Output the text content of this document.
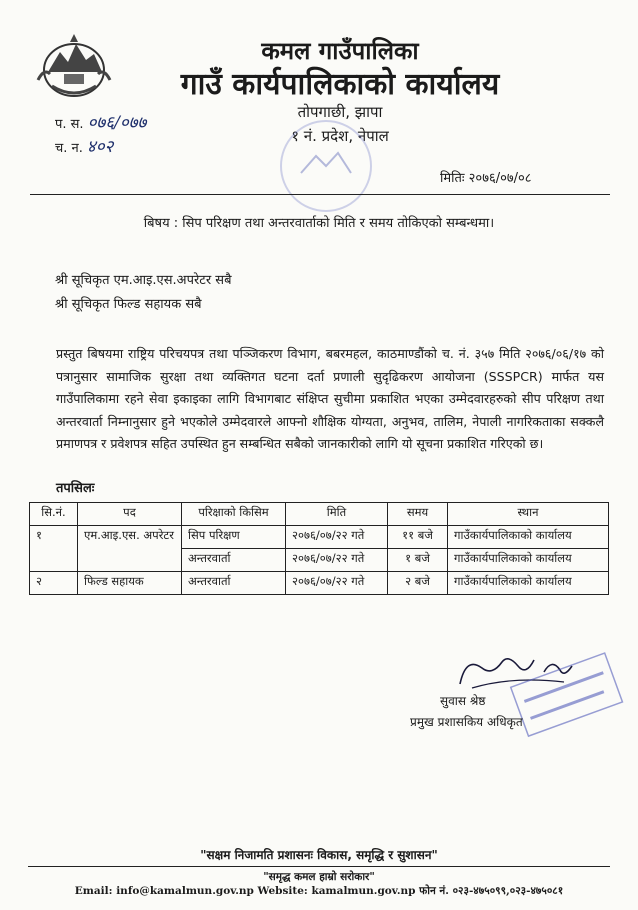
कमल गाउँपालिका
गाउँ कार्यपालिकाको कार्यालय
तोपगाछी, झापा
१ नं. प्रदेश, नेपाल
प. स. ०७६/०७७
च. न. ४०२
मितिः २०७६/०७/०८
बिषय : सिप परिक्षण तथा अन्तरवार्ताको मिति र समय तोकिएको सम्बन्धमा।
श्री सूचिकृत एम.आइ.एस.अपरेटर सबै
श्री सूचिकृत फिल्ड सहायक सबै
प्रस्तुत बिषयमा राष्ट्रिय परिचयपत्र तथा पञ्जिकरण विभाग, बबरमहल, काठमाण्डौंको च. नं. ३५७ मिति २०७६/०६/१७ को पत्रानुसार सामाजिक सुरक्षा तथा व्यक्तिगत घटना दर्ता प्रणाली सुदृढिकरण आयोजना (SSSPCR) मार्फत यस गाउँपालिकामा रहने सेवा इकाइका लागि विभागबाट संक्षिप्त सुचीमा प्रकाशित भएका उम्मेदवारहरुको सीप परिक्षण तथा अन्तरवार्ता निम्नानुसार हुने भएकोले उम्मेदवारले आफ्नो शौक्षिक योग्यता, अनुभव, तालिम, नेपाली नागरिकताका सक्कलै प्रमाणपत्र र प्रवेशपत्र सहित उपस्थित हुन सम्बन्धित सबैको जानकारीको लागि यो सूचना प्रकाशित गरिएको छ।
तपसिलः
सि.नं.	पद	परिक्षाको किसिम	मिति	समय	स्थान
१	एम.आइ.एस. अपरेटर	सिप परिक्षण	२०७६/०७/२२ गते	११ बजे	गाउँकार्यपालिकाको कार्यालय
		अन्तरवार्ता	२०७६/०७/२२ गते	१ बजे	गाउँकार्यपालिकाको कार्यालय
२	फिल्ड सहायक	अन्तरवार्ता	२०७६/०७/२२ गते	२ बजे	गाउँकार्यपालिकाको कार्यालय
सुवास श्रेष्ठ
प्रमुख प्रशासकिय अधिकृत
"सक्षम निजामति प्रशासनः विकास, समृद्धि र सुशासन"
"समृद्ध कमल हाम्रो सरोकार"
Email: info@kamalmun.gov.np Website: kamalmun.gov.np फोन नं. ०२३-४७५०९९,०२३-४७५०८१
